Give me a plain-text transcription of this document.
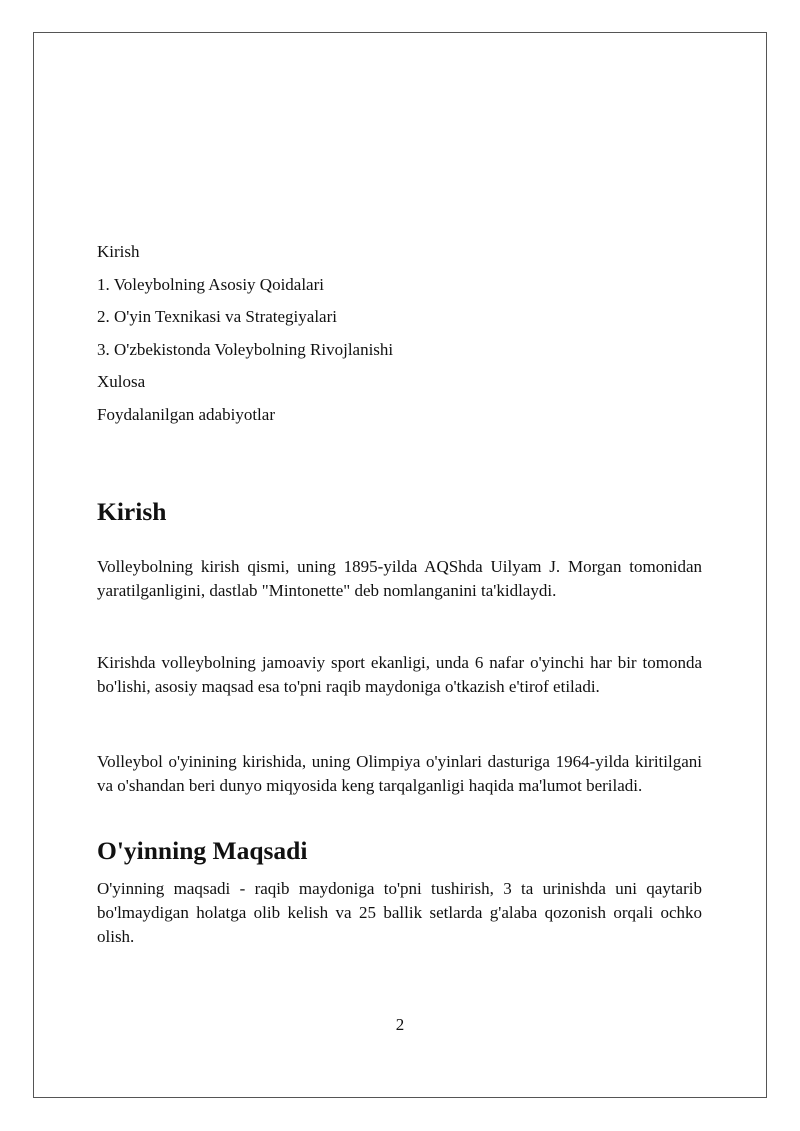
Kirish

1. Voleybolning Asosiy Qoidalari

2. O'yin Texnikasi va Strategiyalari

3. O'zbekistonda Voleybolning Rivojlanishi

Xulosa

Foydalanilgan adabiyotlar

Kirish

Volleybolning kirish qismi, uning 1895-yilda AQShda Uilyam J. Morgan tomonidan yaratilganligini, dastlab "Mintonette" deb nomlanganini ta'kidlaydi.

Kirishda volleybolning jamoaviy sport ekanligi, unda 6 nafar o'yinchi har bir tomonda bo'lishi, asosiy maqsad esa to'pni raqib maydoniga o'tkazish e'tirof etiladi.

Volleybol o'yinining kirishida, uning Olimpiya o'yinlari dasturiga 1964-yilda kiritilgani va o'shandan beri dunyo miqyosida keng tarqalganligi haqida ma'lumot beriladi.

O'yinning Maqsadi

O'yinning maqsadi - raqib maydoniga to'pni tushirish, 3 ta urinishda uni qaytarib bo'lmaydigan holatga olib kelish va 25 ballik setlarda g'alaba qozonish orqali ochko olish.

2
